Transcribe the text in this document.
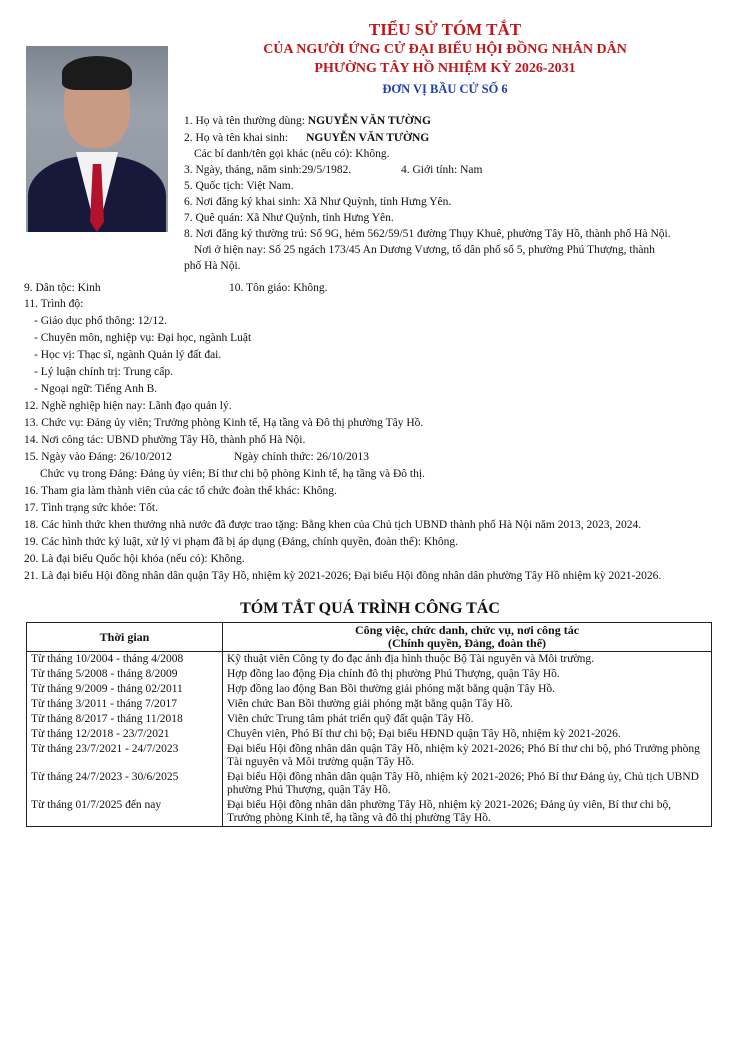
TIỂU SỬ TÓM TẮT
CỦA NGƯỜI ỨNG CỬ ĐẠI BIỂU HỘI ĐỒNG NHÂN DÂN
PHƯỜNG TÂY HỒ NHIỆM KỲ 2026-2031
ĐƠN VỊ BẦU CỬ SỐ 6
1. Họ và tên thường dùng: NGUYỄN VĂN TƯỜNG
2. Họ và tên khai sinh: NGUYỄN VĂN TƯỜNG
Các bí danh/tên gọi khác (nếu có): Không.
3. Ngày, tháng, năm sinh:29/5/1982.	4. Giới tính: Nam
5. Quốc tịch: Việt Nam.
6. Nơi đăng ký khai sinh: Xã Như Quỳnh, tỉnh Hưng Yên.
7. Quê quán: Xã Như Quỳnh, tỉnh Hưng Yên.
8. Nơi đăng ký thường trú: Số 9G, hẻm 562/59/51 đường Thụy Khuê, phường Tây Hồ, thành phố Hà Nội.
Nơi ở hiện nay: Số 25 ngách 173/45 An Dương Vương, tổ dân phố số 5, phường Phú Thượng, thành
phố Hà Nội.
9. Dân tộc: Kinh	10. Tôn giáo: Không.
11. Trình độ:
- Giáo dục phổ thông: 12/12.
- Chuyên môn, nghiệp vụ: Đại học, ngành Luật
- Học vị: Thạc sĩ, ngành Quản lý đất đai.
- Lý luận chính trị: Trung cấp.
- Ngoại ngữ: Tiếng Anh B.
12. Nghề nghiệp hiện nay: Lãnh đạo quản lý.
13. Chức vụ: Đảng ủy viên; Trưởng phòng Kinh tế, Hạ tầng và Đô thị phường Tây Hồ.
14. Nơi công tác: UBND phường Tây Hồ, thành phố Hà Nội.
15. Ngày vào Đảng: 26/10/2012	Ngày chính thức: 26/10/2013
Chức vụ trong Đảng: Đảng ủy viên; Bí thư chi bộ phòng Kinh tế, hạ tầng và Đô thị.
16. Tham gia làm thành viên của các tổ chức đoàn thể khác: Không.
17. Tình trạng sức khỏe: Tốt.
18. Các hình thức khen thưởng nhà nước đã được trao tặng: Bằng khen của Chủ tịch UBND thành phố Hà Nội năm 2013, 2023, 2024.
19. Các hình thức kỷ luật, xử lý vi phạm đã bị áp dụng (Đảng, chính quyền, đoàn thể): Không.
20. Là đại biểu Quốc hội khóa (nếu có): Không.
21. Là đại biểu Hội đồng nhân dân quận Tây Hồ, nhiệm kỳ 2021-2026; Đại biểu Hội đồng nhân dân phường Tây Hồ nhiệm kỳ 2021-2026.
TÓM TẮT QUÁ TRÌNH CÔNG TÁC
Thời gian	Công việc, chức danh, chức vụ, nơi công tác
(Chính quyền, Đảng, đoàn thể)

Từ tháng 10/2004 - tháng 4/2008	Kỹ thuật viên Công ty đo đạc ảnh địa hình thuộc Bộ Tài nguyên và Môi trường.
Từ tháng 5/2008 - tháng 8/2009	Hợp đồng lao động Địa chính đô thị phường Phú Thượng, quận Tây Hồ.
Từ tháng 9/2009 - tháng 02/2011	Hợp đồng lao động Ban Bồi thường giải phóng mặt bằng quận Tây Hồ.
Từ tháng 3/2011 - tháng 7/2017	Viên chức Ban Bồi thường giải phóng mặt bằng quận Tây Hồ.
Từ tháng 8/2017 - tháng 11/2018	Viên chức Trung tâm phát triển quỹ đất quận Tây Hồ.
Từ tháng 12/2018 - 23/7/2021	Chuyên viên, Phó Bí thư chi bộ; Đại biểu HĐND quận Tây Hồ, nhiệm kỳ 2021-2026.
Từ tháng 23/7/2021 - 24/7/2023	Đại biểu Hội đồng nhân dân quận Tây Hồ, nhiệm kỳ 2021-2026; Phó Bí thư chi bộ, phó Trưởng phòng Tài nguyên và Môi trường quận Tây Hồ.
Từ tháng 24/7/2023 - 30/6/2025	Đại biểu Hội đồng nhân dân quận Tây Hồ, nhiệm kỳ 2021-2026; Phó Bí thư Đảng ủy, Chủ tịch UBND phường Phú Thượng, quận Tây Hồ.
Từ tháng 01/7/2025 đến nay	Đại biểu Hội đồng nhân dân phường Tây Hồ, nhiệm kỳ 2021-2026; Đảng ủy viên, Bí thư chi bộ, Trưởng phòng Kinh tế, hạ tầng và đô thị phường Tây Hồ.
